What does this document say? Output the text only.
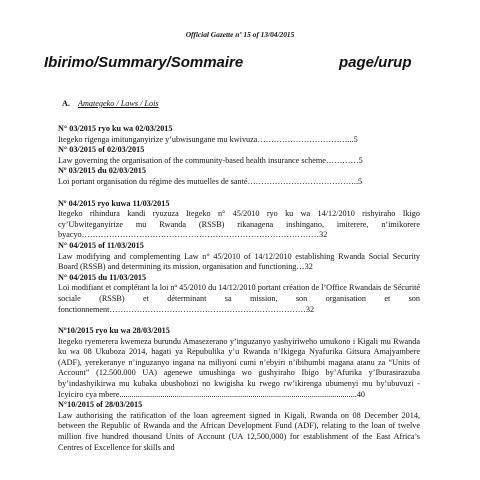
Official Gazette nº 15 of 13/04/2015
Ibirimo/Summary/Sommaire	page/urup
A. Amategeko / Laws / Lois
N° 03/2015 ryo ku wa 02/03/2015
Itegeko rigenga imitunganyirize y’ubwisungane mu kwivuza……………………………...5
N° 03/2015 of 02/03/2015
Law governing the organisation of the community-based health insurance scheme…………5
Nº 03/2015 du 02/03/2015
Loi portant organisation du régime des mutuelles de santé…………………………………..5
Nº 04/2015 ryo kuwa 11/03/2015
Itegeko rihindura kandi ryuzuza Itegeko n° 45/2010 ryo ku wa 14/12/2010 rishyiraho Ikigo cy’Ubwiteganyirize mu Rwanda (RSSB) rikanagena inshingano, imiterere, n’imikorere byacyo……………………………………………………………………………32
N° 04/2015 of 11/03/2015
Law modifying and complementing Law n° 45/2010 of 14/12/2010 establishing Rwanda Social Security Board (RSSB) and determining its mission, organisation and functioning…32
N° 04/2015 du 11/03/2015
Loi modifiant et complétant la loi nº 45/2010 du 14/12/2010 portant création de l’Office Rwandais de Sécurité sociale (RSSB) et déterminant sa mission, son organisation et son fonctionnement………………………………………………………………32
Nº10/2015 ryo ku wa 28/03/2015
Itegeko ryemerera kwemeza burundu Amasezerano y’inguzanyo yashyiriweho umukono i Kigali mu Rwanda ku wa 08 Ukuboza 2014, hagati ya Repubulika y’u Rwanda n’Ikigega Nyafurika Gitsura Amajyambere (ADF), yerekeranye n’inguzanyo ingana na miliyoni cumi n’ebyiri n’ibihumbi magana atanu za “Units of Account” (12.500.000 UA) agenewe umushinga wo gushyiraho Ibigo by’Afurika y’Iburasirazuba by’indashyikirwa mu kubaka ubushobozi no kwigisha ku rwego rw’ikirenga ubumenyi mu by’ubuvuzi - Icyiciro cya mbere....................................................................................................................40
N°10/2015 of 28/03/2015
Law authorising the ratification of the loan agreement signed in Kigali, Rwanda on 08 December 2014, between the Republic of Rwanda and the African Development Fund (ADF), relating to the loan of twelve million five hundred thousand Units of Account (UA 12,500,000) for establishment of the East Africa’s Centres of Excellence for skills and
